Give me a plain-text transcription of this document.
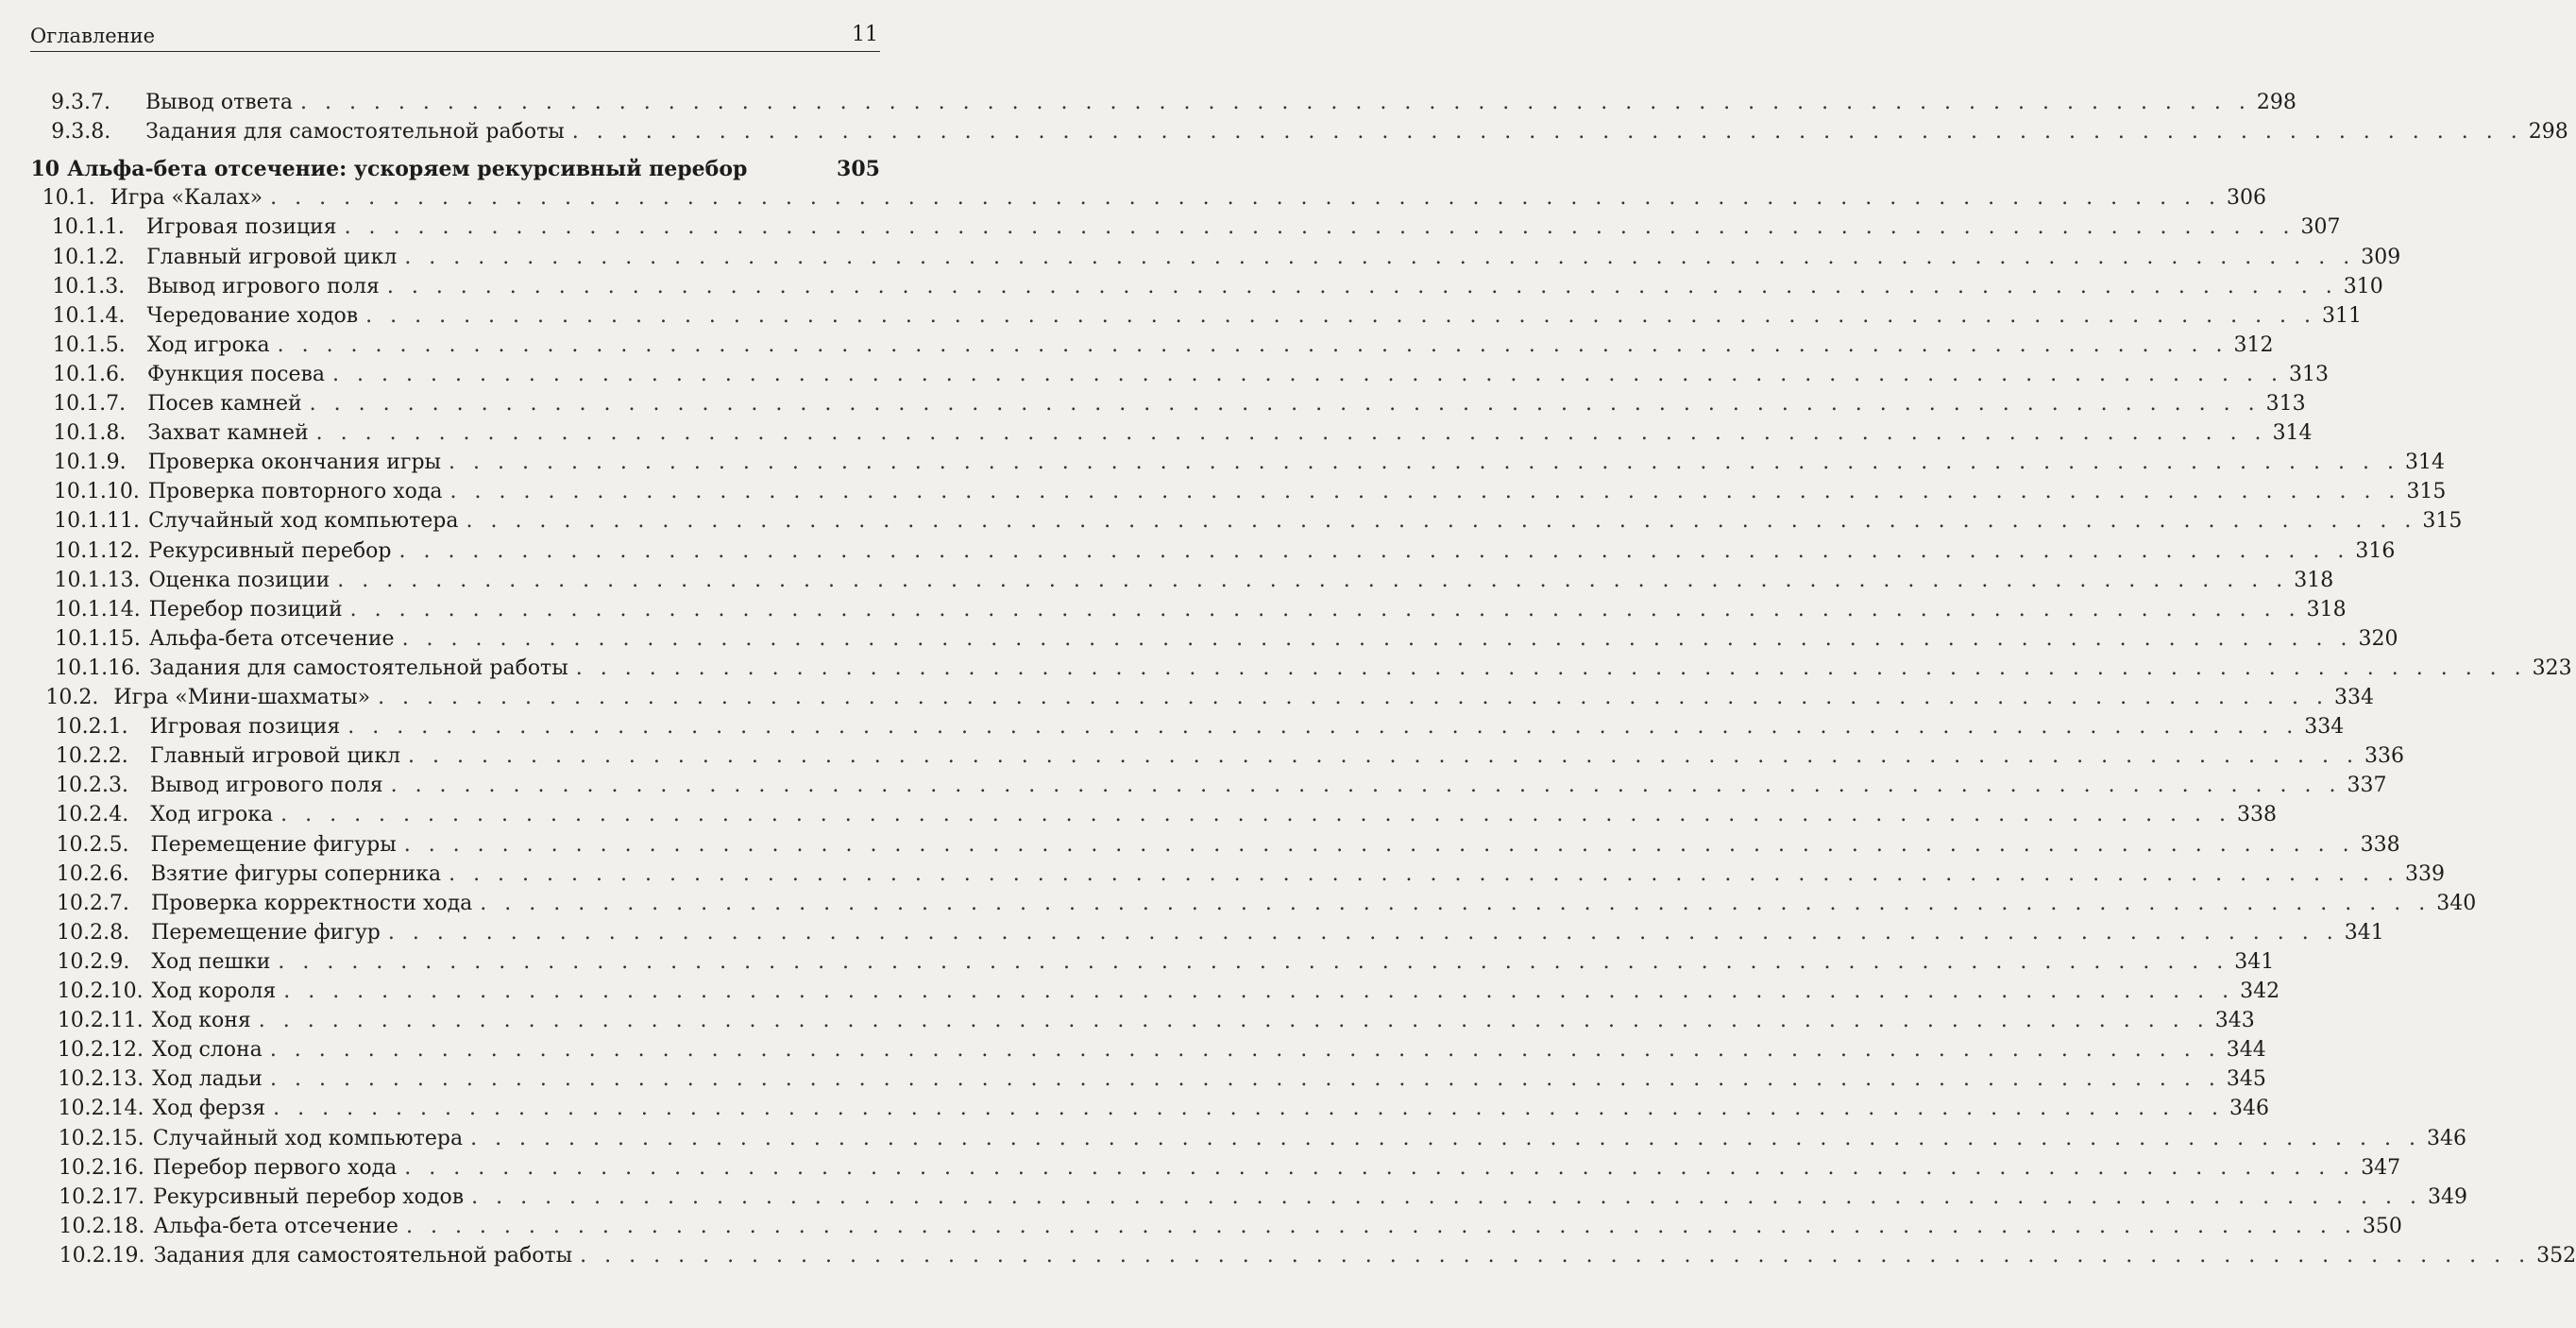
Оглавление	11
9.3.7.	Вывод ответа . . . . . . . . . . . . . . . . . . . . . . . . . . . . . . . . . . . . . . . . . . . . . . . . . . . . . . . . . . . . . . . . . . . . . . . . . . . . . . . . 298
9.3.8.	Задания для самостоятельной работы . . . . . . . . . . . . . . . . . . . . . . . . . . . . . . . . . . . . . . . . . . . . . . . . . . . . . . . . . . . . . . . . . . . . . . . . . . . . . . . . 298
10 Альфа-бета отсечение: ускоряем рекурсивный перебор	305
10.1. Игра «Калах» . . . . . . . . . . . . . . . . . . . . . . . . . . . . . . . . . . . . . . . . . . . . . . . . . . . . . . . . . . . . . . . . . . . . . . . . . . . . . . . . 306
10.1.1.	Игровая позиция . . . . . . . . . . . . . . . . . . . . . . . . . . . . . . . . . . . . . . . . . . . . . . . . . . . . . . . . . . . . . . . . . . . . . . . . . . . . . . . . 307
10.1.2.	Главный игровой цикл . . . . . . . . . . . . . . . . . . . . . . . . . . . . . . . . . . . . . . . . . . . . . . . . . . . . . . . . . . . . . . . . . . . . . . . . . . . . . . . . 309
10.1.3.	Вывод игрового поля . . . . . . . . . . . . . . . . . . . . . . . . . . . . . . . . . . . . . . . . . . . . . . . . . . . . . . . . . . . . . . . . . . . . . . . . . . . . . . . . 310
10.1.4.	Чередование ходов . . . . . . . . . . . . . . . . . . . . . . . . . . . . . . . . . . . . . . . . . . . . . . . . . . . . . . . . . . . . . . . . . . . . . . . . . . . . . . . . 311
10.1.5.	Ход игрока . . . . . . . . . . . . . . . . . . . . . . . . . . . . . . . . . . . . . . . . . . . . . . . . . . . . . . . . . . . . . . . . . . . . . . . . . . . . . . . . 312
10.1.6.	Функция посева . . . . . . . . . . . . . . . . . . . . . . . . . . . . . . . . . . . . . . . . . . . . . . . . . . . . . . . . . . . . . . . . . . . . . . . . . . . . . . . . 313
10.1.7.	Посев камней . . . . . . . . . . . . . . . . . . . . . . . . . . . . . . . . . . . . . . . . . . . . . . . . . . . . . . . . . . . . . . . . . . . . . . . . . . . . . . . . 313
10.1.8.	Захват камней . . . . . . . . . . . . . . . . . . . . . . . . . . . . . . . . . . . . . . . . . . . . . . . . . . . . . . . . . . . . . . . . . . . . . . . . . . . . . . . . 314
10.1.9.	Проверка окончания игры . . . . . . . . . . . . . . . . . . . . . . . . . . . . . . . . . . . . . . . . . . . . . . . . . . . . . . . . . . . . . . . . . . . . . . . . . . . . . . . . 314
10.1.10. Проверка повторного хода . . . . . . . . . . . . . . . . . . . . . . . . . . . . . . . . . . . . . . . . . . . . . . . . . . . . . . . . . . . . . . . . . . . . . . . . . . . . . . . . 315
10.1.11. Случайный ход компьютера . . . . . . . . . . . . . . . . . . . . . . . . . . . . . . . . . . . . . . . . . . . . . . . . . . . . . . . . . . . . . . . . . . . . . . . . . . . . . . . . 315
10.1.12. Рекурсивный перебор . . . . . . . . . . . . . . . . . . . . . . . . . . . . . . . . . . . . . . . . . . . . . . . . . . . . . . . . . . . . . . . . . . . . . . . . . . . . . . . . 316
10.1.13. Оценка позиции . . . . . . . . . . . . . . . . . . . . . . . . . . . . . . . . . . . . . . . . . . . . . . . . . . . . . . . . . . . . . . . . . . . . . . . . . . . . . . . . 318
10.1.14. Перебор позиций . . . . . . . . . . . . . . . . . . . . . . . . . . . . . . . . . . . . . . . . . . . . . . . . . . . . . . . . . . . . . . . . . . . . . . . . . . . . . . . . 318
10.1.15. Альфа-бета отсечение . . . . . . . . . . . . . . . . . . . . . . . . . . . . . . . . . . . . . . . . . . . . . . . . . . . . . . . . . . . . . . . . . . . . . . . . . . . . . . . . 320
10.1.16. Задания для самостоятельной работы . . . . . . . . . . . . . . . . . . . . . . . . . . . . . . . . . . . . . . . . . . . . . . . . . . . . . . . . . . . . . . . . . . . . . . . . . . . . . . . . 323
10.2. Игра «Мини-шахматы» . . . . . . . . . . . . . . . . . . . . . . . . . . . . . . . . . . . . . . . . . . . . . . . . . . . . . . . . . . . . . . . . . . . . . . . . . . . . . . . . 334
10.2.1.	Игровая позиция . . . . . . . . . . . . . . . . . . . . . . . . . . . . . . . . . . . . . . . . . . . . . . . . . . . . . . . . . . . . . . . . . . . . . . . . . . . . . . . . 334
10.2.2.	Главный игровой цикл . . . . . . . . . . . . . . . . . . . . . . . . . . . . . . . . . . . . . . . . . . . . . . . . . . . . . . . . . . . . . . . . . . . . . . . . . . . . . . . . 336
10.2.3.	Вывод игрового поля . . . . . . . . . . . . . . . . . . . . . . . . . . . . . . . . . . . . . . . . . . . . . . . . . . . . . . . . . . . . . . . . . . . . . . . . . . . . . . . . 337
10.2.4.	Ход игрока . . . . . . . . . . . . . . . . . . . . . . . . . . . . . . . . . . . . . . . . . . . . . . . . . . . . . . . . . . . . . . . . . . . . . . . . . . . . . . . . 338
10.2.5.	Перемещение фигуры . . . . . . . . . . . . . . . . . . . . . . . . . . . . . . . . . . . . . . . . . . . . . . . . . . . . . . . . . . . . . . . . . . . . . . . . . . . . . . . . 338
10.2.6.	Взятие фигуры соперника . . . . . . . . . . . . . . . . . . . . . . . . . . . . . . . . . . . . . . . . . . . . . . . . . . . . . . . . . . . . . . . . . . . . . . . . . . . . . . . . 339
10.2.7.	Проверка корректности хода . . . . . . . . . . . . . . . . . . . . . . . . . . . . . . . . . . . . . . . . . . . . . . . . . . . . . . . . . . . . . . . . . . . . . . . . . . . . . . . . 340
10.2.8.	Перемещение фигур . . . . . . . . . . . . . . . . . . . . . . . . . . . . . . . . . . . . . . . . . . . . . . . . . . . . . . . . . . . . . . . . . . . . . . . . . . . . . . . . 341
10.2.9.	Ход пешки . . . . . . . . . . . . . . . . . . . . . . . . . . . . . . . . . . . . . . . . . . . . . . . . . . . . . . . . . . . . . . . . . . . . . . . . . . . . . . . . 341
10.2.10. Ход короля . . . . . . . . . . . . . . . . . . . . . . . . . . . . . . . . . . . . . . . . . . . . . . . . . . . . . . . . . . . . . . . . . . . . . . . . . . . . . . . . 342
10.2.11. Ход коня . . . . . . . . . . . . . . . . . . . . . . . . . . . . . . . . . . . . . . . . . . . . . . . . . . . . . . . . . . . . . . . . . . . . . . . . . . . . . . . . 343
10.2.12. Ход слона . . . . . . . . . . . . . . . . . . . . . . . . . . . . . . . . . . . . . . . . . . . . . . . . . . . . . . . . . . . . . . . . . . . . . . . . . . . . . . . . 344
10.2.13. Ход ладьи . . . . . . . . . . . . . . . . . . . . . . . . . . . . . . . . . . . . . . . . . . . . . . . . . . . . . . . . . . . . . . . . . . . . . . . . . . . . . . . . 345
10.2.14. Ход ферзя . . . . . . . . . . . . . . . . . . . . . . . . . . . . . . . . . . . . . . . . . . . . . . . . . . . . . . . . . . . . . . . . . . . . . . . . . . . . . . . . 346
10.2.15. Случайный ход компьютера . . . . . . . . . . . . . . . . . . . . . . . . . . . . . . . . . . . . . . . . . . . . . . . . . . . . . . . . . . . . . . . . . . . . . . . . . . . . . . . . 346
10.2.16. Перебор первого хода . . . . . . . . . . . . . . . . . . . . . . . . . . . . . . . . . . . . . . . . . . . . . . . . . . . . . . . . . . . . . . . . . . . . . . . . . . . . . . . . 347
10.2.17. Рекурсивный перебор ходов . . . . . . . . . . . . . . . . . . . . . . . . . . . . . . . . . . . . . . . . . . . . . . . . . . . . . . . . . . . . . . . . . . . . . . . . . . . . . . . . 349
10.2.18. Альфа-бета отсечение . . . . . . . . . . . . . . . . . . . . . . . . . . . . . . . . . . . . . . . . . . . . . . . . . . . . . . . . . . . . . . . . . . . . . . . . . . . . . . . . 350
10.2.19. Задания для самостоятельной работы . . . . . . . . . . . . . . . . . . . . . . . . . . . . . . . . . . . . . . . . . . . . . . . . . . . . . . . . . . . . . . . . . . . . . . . . . . . . . . . . 352
